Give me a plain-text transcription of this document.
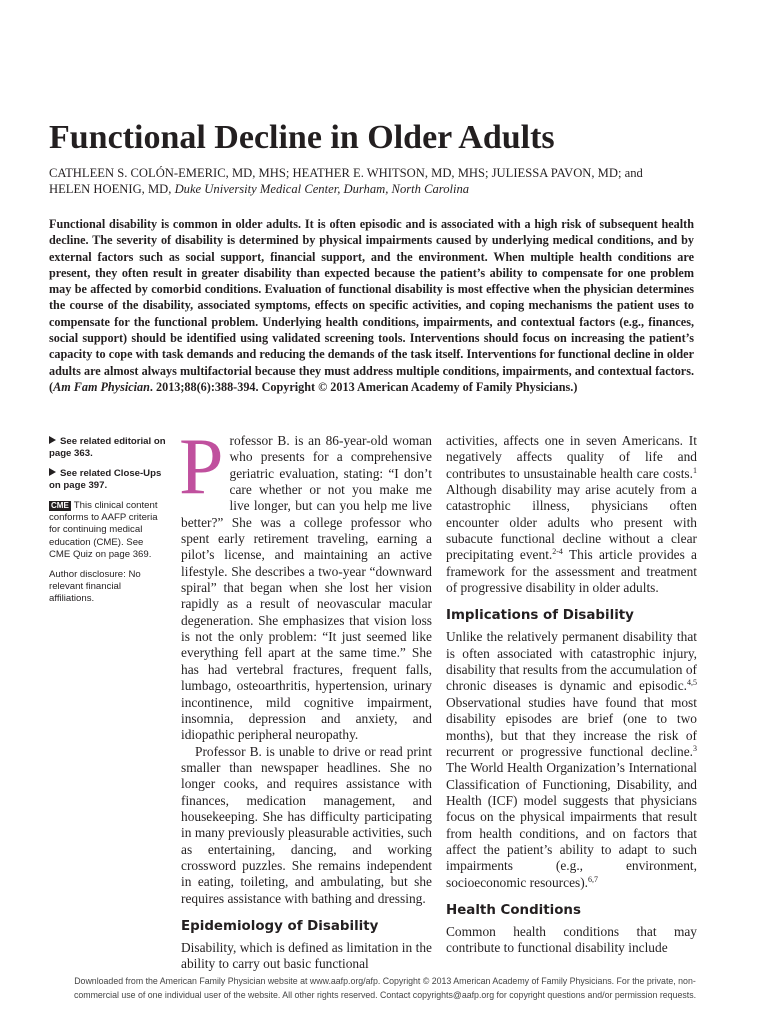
Functional Decline in Older Adults
CATHLEEN S. COLÓN-EMERIC, MD, MHS; HEATHER E. WHITSON, MD, MHS; JULIESSA PAVON, MD; and
HELEN HOENIG, MD, Duke University Medical Center, Durham, North Carolina
Functional disability is common in older adults. It is often episodic and is associated with a high risk of subsequent health decline. The severity of disability is determined by physical impairments caused by underlying medical conditions, and by external factors such as social support, financial support, and the environment. When multiple health conditions are present, they often result in greater disability than expected because the patient’s ability to compensate for one problem may be affected by comorbid conditions. Evaluation of functional disability is most effective when the physician determines the course of the disability, associated symptoms, effects on specific activities, and coping mechanisms the patient uses to compensate for the functional problem. Underlying health conditions, impairments, and contextual factors (e.g., finances, social support) should be identified using validated screening tools. Interventions should focus on increasing the patient’s capacity to cope with task demands and reducing the demands of the task itself. Interventions for functional decline in older adults are almost always multifactorial because they must address multiple conditions, impairments, and contextual factors. (Am Fam Physician. 2013;88(6):388-394. Copyright © 2013 American Academy of Family Physicians.)
See related editorial on page 363.
See related Close-Ups on page 397.
CME This clinical content conforms to AAFP criteria for continuing medical education (CME). See CME Quiz on page 369.
Author disclosure: No relevant financial affiliations.

Professor B. is an 86-year-old woman who presents for a comprehensive geriatric evaluation, stating: “I don’t care whether or not you make me live longer, but can you help me live better?” She was a college professor who spent early retirement traveling, earning a pilot’s license, and maintaining an active lifestyle. She describes a two-year “downward spiral” that began when she lost her vision rapidly as a result of neovascular macular degeneration. She emphasizes that vision loss is not the only problem: “It just seemed like everything fell apart at the same time.” She has had vertebral fractures, frequent falls, lumbago, osteoarthritis, hypertension, urinary incontinence, mild cognitive impairment, insomnia, depression and anxiety, and idiopathic peripheral neuropathy.

Professor B. is unable to drive or read print smaller than newspaper headlines. She no longer cooks, and requires assistance with finances, medication management, and housekeeping. She has difficulty participating in many previously pleasurable activities, such as entertaining, dancing, and working crossword puzzles. She remains independent in eating, toileting, and ambulating, but she requires assistance with bathing and dressing.

Epidemiology of Disability

Disability, which is defined as limitation in the ability to carry out basic functional

activities, affects one in seven Americans. It negatively affects quality of life and contributes to unsustainable health care costs.$^1$ Although disability may arise acutely from a catastrophic illness, physicians often encounter older adults who present with subacute functional decline without a clear precipitating event.$^{2-4}$ This article provides a framework for the assessment and treatment of progressive disability in older adults.

Implications of Disability

Unlike the relatively permanent disability that is often associated with catastrophic injury, disability that results from the accumulation of chronic diseases is dynamic and episodic.$^{4,5}$ Observational studies have found that most disability episodes are brief (one to two months), but that they increase the risk of recurrent or progressive functional decline.$^3$ The World Health Organization’s International Classification of Functioning, Disability, and Health (ICF) model suggests that physicians focus on the physical impairments that result from health conditions, and on factors that affect the patient’s ability to adapt to such impairments (e.g., environment, socioeconomic resources).$^{6,7}$

Health Conditions

Common health conditions that may contribute to functional disability include

Downloaded from the American Family Physician website at www.aafp.org/afp. Copyright © 2013 American Academy of Family Physicians. For the private, non-
commercial use of one individual user of the website. All other rights reserved. Contact copyrights@aafp.org for copyright questions and/or permission requests.
